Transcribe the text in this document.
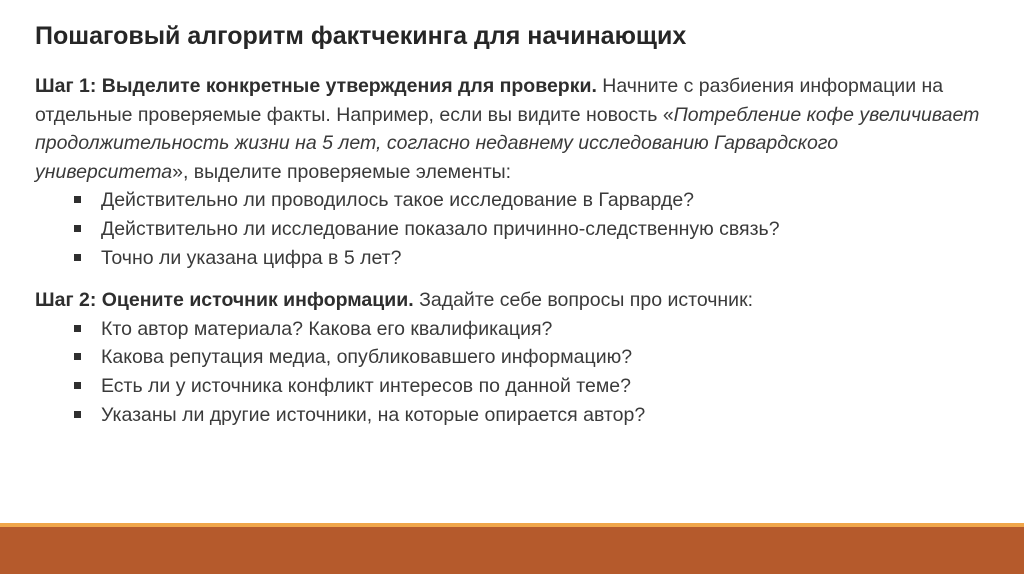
Пошаговый алгоритм фактчекинга для начинающих

Шаг 1: Выделите конкретные утверждения для проверки. Начните с разбиения информации на отдельные проверяемые факты. Например, если вы видите новость «Потребление кофе увеличивает продолжительность жизни на 5 лет, согласно недавнему исследованию Гарвардского университета», выделите проверяемые элементы:

Действительно ли проводилось такое исследование в Гарварде?
Действительно ли исследование показало причинно-следственную связь?
Точно ли указана цифра в 5 лет?

Шаг 2: Оцените источник информации. Задайте себе вопросы про источник:

Кто автор материала? Какова его квалификация?
Какова репутация медиа, опубликовавшего информацию?
Есть ли у источника конфликт интересов по данной теме?
Указаны ли другие источники, на которые опирается автор?
